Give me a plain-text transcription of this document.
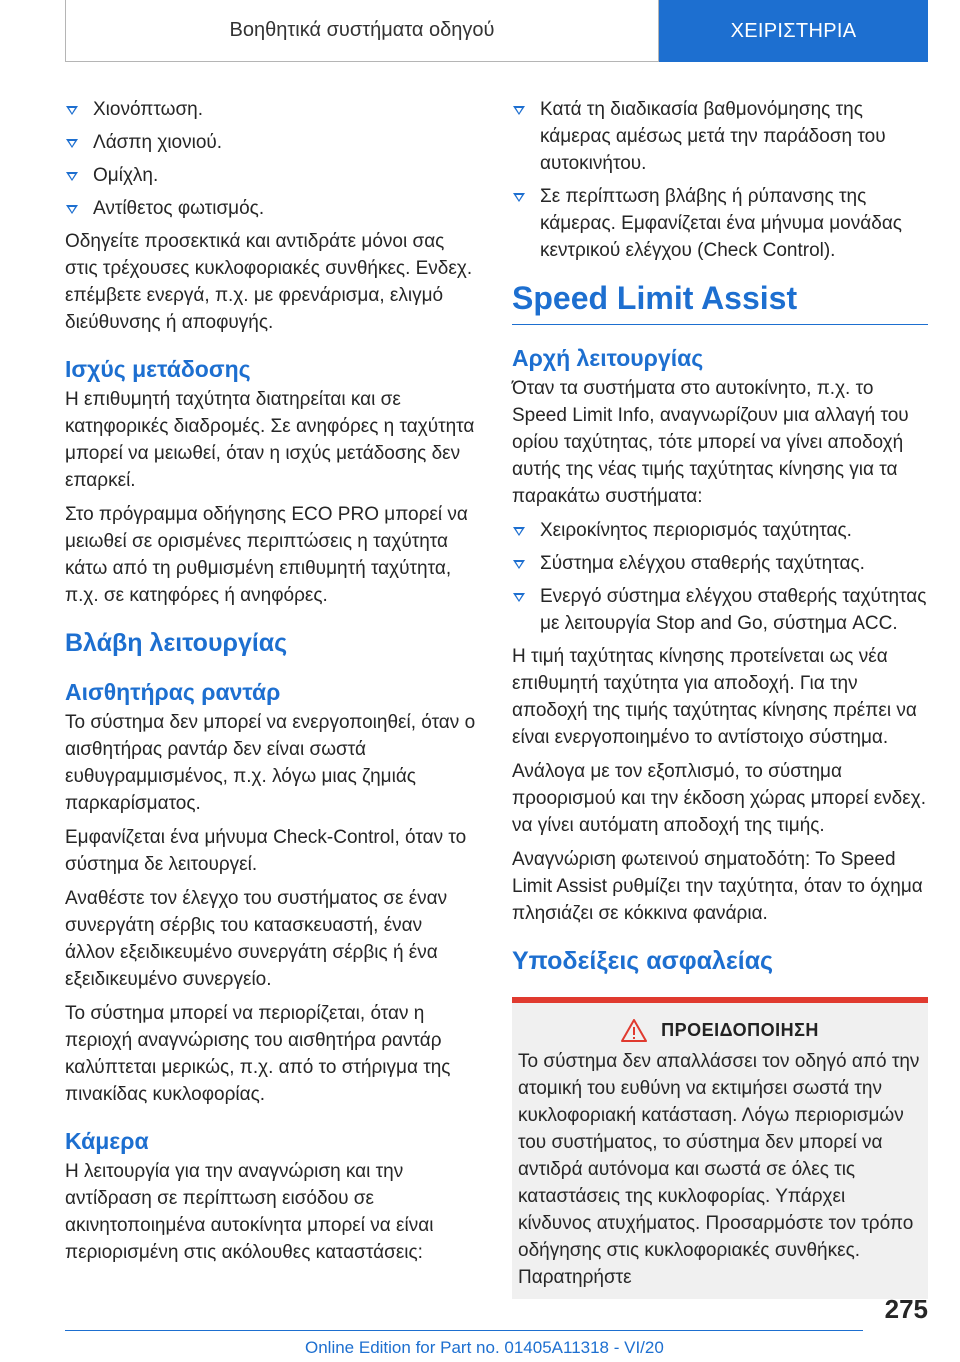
Βοηθητικά συστήματα οδηγού	ΧΕΙΡΙΣΤΗΡΙΑ
Χιονόπτωση.
Λάσπη χιονιού.
Ομίχλη.
Αντίθετος φωτισμός.

Οδηγείτε προσεκτικά και αντιδράτε μόνοι σας στις τρέχουσες κυκλοφοριακές συνθήκες. Ενδεχ. επέμβετε ενεργά, π.χ. με φρενάρισμα, ελιγμό διεύθυνσης ή αποφυγής.

Ισχύς μετάδοσης

Η επιθυμητή ταχύτητα διατηρείται και σε κατηφορικές διαδρομές. Σε ανηφόρες η ταχύτητα μπορεί να μειωθεί, όταν η ισχύς μετάδοσης δεν επαρκεί.

Στο πρόγραμμα οδήγησης ECO PRO μπορεί να μειωθεί σε ορισμένες περιπτώσεις η ταχύτητα κάτω από τη ρυθμισμένη επιθυμητή ταχύτητα, π.χ. σε κατηφόρες ή ανηφόρες.

Βλάβη λειτουργίας
Αισθητήρας ραντάρ

Το σύστημα δεν μπορεί να ενεργοποιηθεί, όταν ο αισθητήρας ραντάρ δεν είναι σωστά ευθυγραμμισμένος, π.χ. λόγω μιας ζημιάς παρκαρίσματος.

Εμφανίζεται ένα μήνυμα Check-Control, όταν το σύστημα δε λειτουργεί.

Αναθέστε τον έλεγχο του συστήματος σε έναν συνεργάτη σέρβις του κατασκευαστή, έναν άλλον εξειδικευμένο συνεργάτη σέρβις ή ένα εξειδικευμένο συνεργείο.

Το σύστημα μπορεί να περιορίζεται, όταν η περιοχή αναγνώρισης του αισθητήρα ραντάρ καλύπτεται μερικώς, π.χ. από το στήριγμα της πινακίδας κυκλοφορίας.

Κάμερα

Η λειτουργία για την αναγνώριση και την αντίδραση σε περίπτωση εισόδου σε ακινητοποιημένα αυτοκίνητα μπορεί να είναι περιορισμένη στις ακόλουθες καταστάσεις:

Κατά τη διαδικασία βαθμονόμησης της κάμερας αμέσως μετά την παράδοση του αυτοκινήτου.
Σε περίπτωση βλάβης ή ρύπανσης της κάμερας. Εμφανίζεται ένα μήνυμα μονάδας κεντρικού ελέγχου (Check Control).
Speed Limit Assist
Αρχή λειτουργίας

Όταν τα συστήματα στο αυτοκίνητο, π.χ. το Speed Limit Info, αναγνωρίζουν μια αλλαγή του ορίου ταχύτητας, τότε μπορεί να γίνει αποδοχή αυτής της νέας τιμής ταχύτητας κίνησης για τα παρακάτω συστήματα:

Χειροκίνητος περιορισμός ταχύτητας.
Σύστημα ελέγχου σταθερής ταχύτητας.
Ενεργό σύστημα ελέγχου σταθερής ταχύτητας με λειτουργία Stop and Go, σύστημα ACC.

Η τιμή ταχύτητας κίνησης προτείνεται ως νέα επιθυμητή ταχύτητα για αποδοχή. Για την αποδοχή της τιμής ταχύτητας κίνησης πρέπει να είναι ενεργοποιημένο το αντίστοιχο σύστημα.

Ανάλογα με τον εξοπλισμό, το σύστημα προορισμού και την έκδοση χώρας μπορεί ενδεχ. να γίνει αυτόματη αποδοχή της τιμής.

Αναγνώριση φωτεινού σηματοδότη: Το Speed Limit Assist ρυθμίζει την ταχύτητα, όταν το όχημα πλησιάζει σε κόκκινα φανάρια.

Υποδείξεις ασφαλείας
ΠΡΟΕΙΔΟΠΟΙΗΣΗ

Το σύστημα δεν απαλλάσσει τον οδηγό από την ατομική του ευθύνη να εκτιμήσει σωστά την κυκλοφοριακή κατάσταση. Λόγω περιορισμών του συστήματος, το σύστημα δεν μπορεί να αντιδρά αυτόνομα και σωστά σε όλες τις καταστάσεις της κυκλοφορίας. Υπάρχει κίνδυνος ατυχήματος. Προσαρμόστε τον τρόπο οδήγησης στις κυκλοφοριακές συνθήκες. Παρατηρήστε

275
Online Edition for Part no. 01405A11318 - VI/20
